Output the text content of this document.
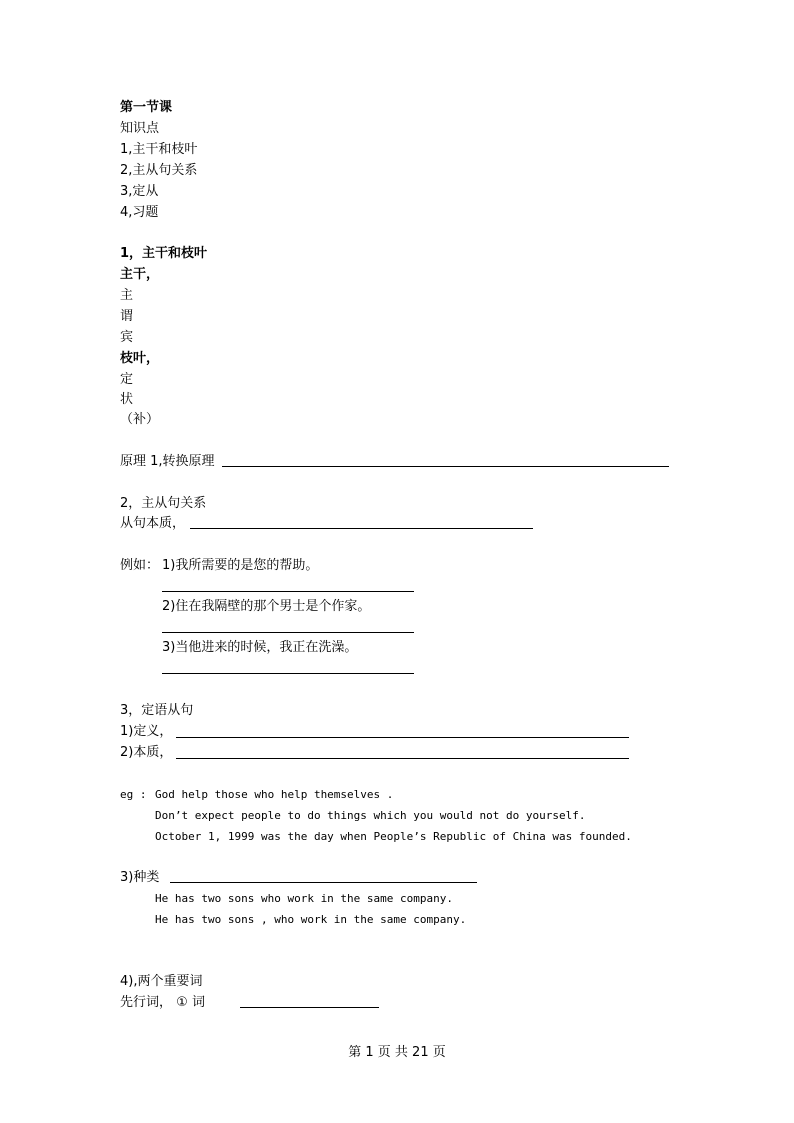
第一节课
知识点
1,主干和枝叶
2,主从句关系
3,定从
4,习题
1，主干和枝叶
主干，
主
谓
宾
枝叶，
定
状
（补）
原理 1,转换原理
2，主从句关系
从句本质，
例如： 1)我所需要的是您的帮助。
2)住在我隔壁的那个男士是个作家。
3)当他进来的时候，我正在洗澡。
3，定语从句
1)定义，
2)本质，
eg : God help those who help themselves .
Don’t expect people to do things which you would not do yourself.
October 1, 1999 was the day when People’s Republic of China was founded.
3)种类
He has two sons who work in the same company.
He has two sons , who work in the same company.
4),两个重要词
先行词， ① 词
第 1 页 共 21 页
